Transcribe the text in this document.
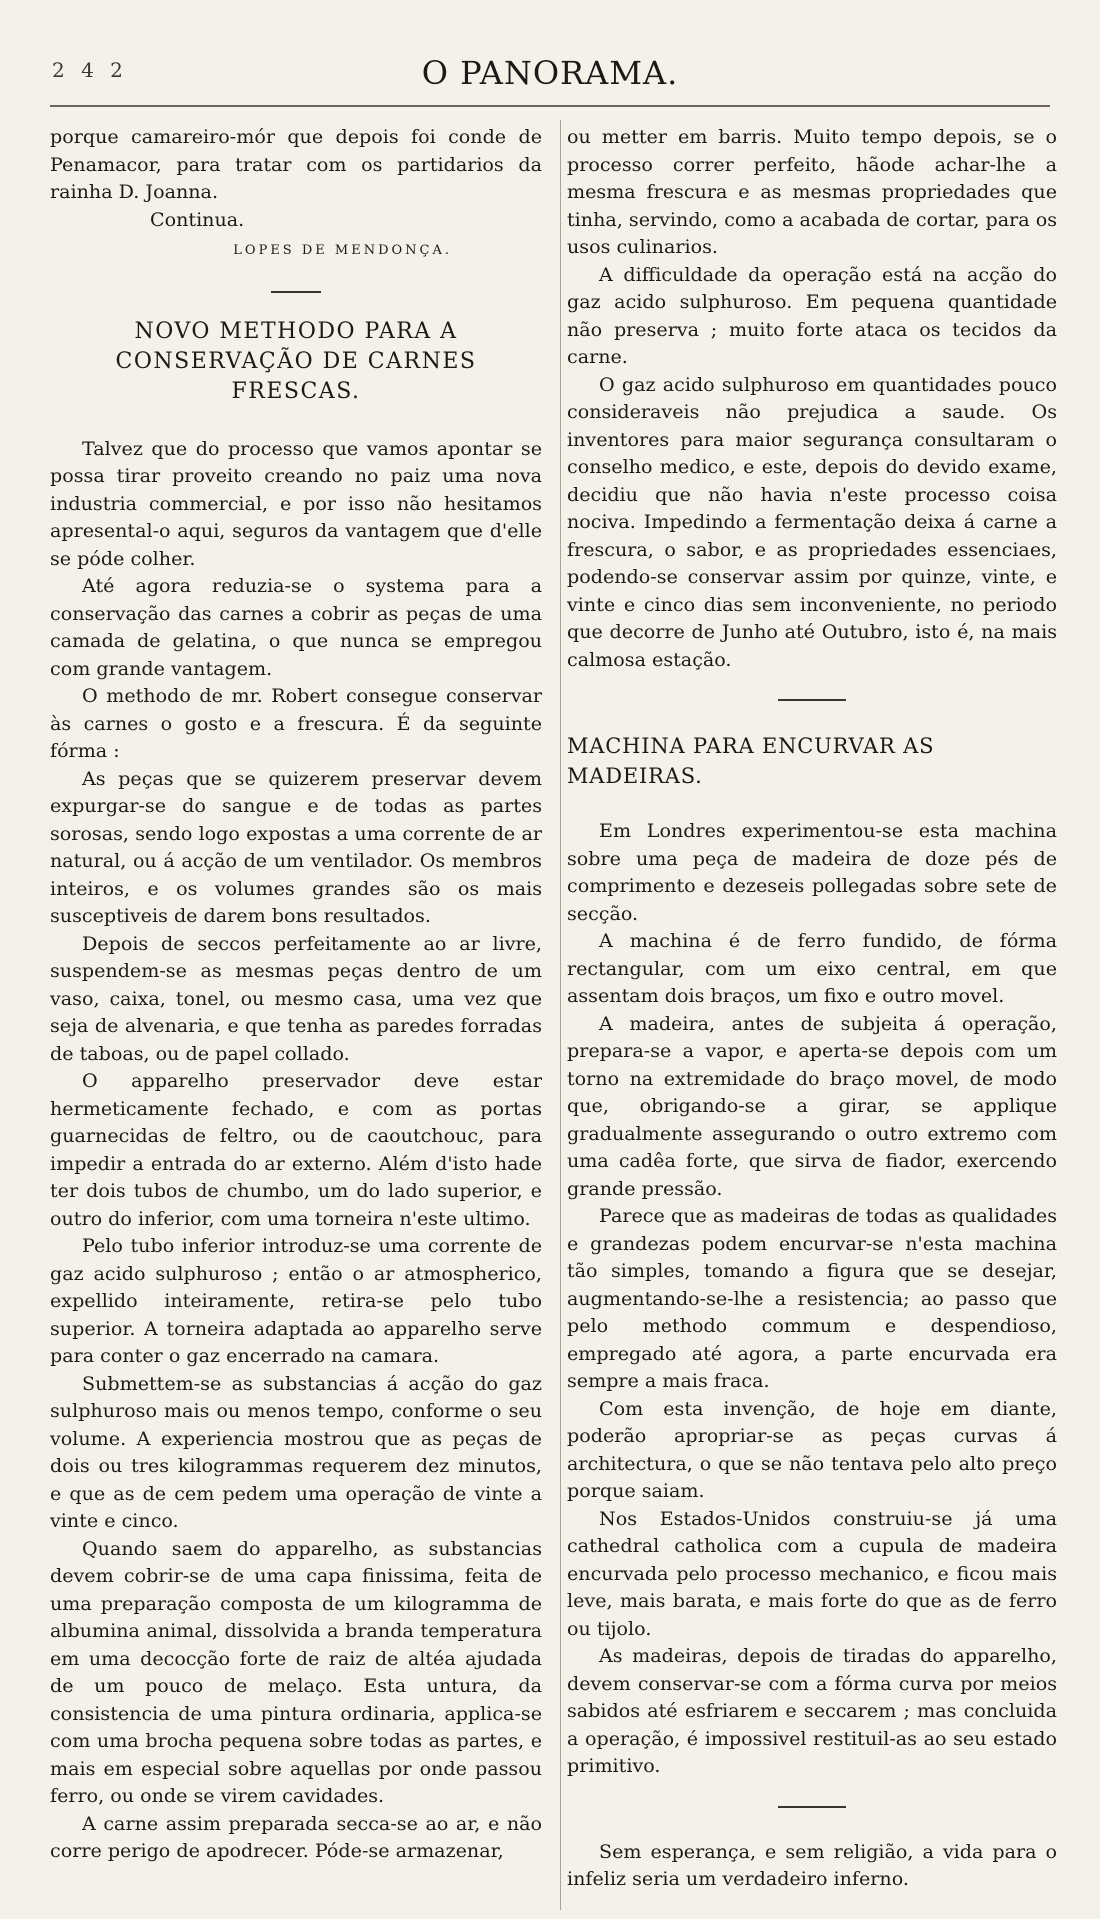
2 4 2	O PANORAMA.

porque camareiro-mór que depois foi conde de Penamacor, para tratar com os partidarios da rainha D. Joanna.

Continua.

LOPES DE MENDONÇA.

NOVO METHODO PARA A CONSERVAÇÃO DE CARNES FRESCAS.

Talvez que do processo que vamos apontar se possa tirar proveito creando no paiz uma nova industria commercial, e por isso não hesitamos apresental-o aqui, seguros da vantagem que d'elle se póde colher.

Até agora reduzia-se o systema para a conservação das carnes a cobrir as peças de uma camada de gelatina, o que nunca se empregou com grande vantagem.

O methodo de mr. Robert consegue conservar às carnes o gosto e a frescura. É da seguinte fórma :

As peças que se quizerem preservar devem expurgar-se do sangue e de todas as partes sorosas, sendo logo expostas a uma corrente de ar natural, ou á acção de um ventilador. Os membros inteiros, e os volumes grandes são os mais susceptiveis de darem bons resultados.

Depois de seccos perfeitamente ao ar livre, suspendem-se as mesmas peças dentro de um vaso, caixa, tonel, ou mesmo casa, uma vez que seja de alvenaria, e que tenha as paredes forradas de taboas, ou de papel collado.

O apparelho preservador deve estar hermeticamente fechado, e com as portas guarnecidas de feltro, ou de caoutchouc, para impedir a entrada do ar externo. Além d'isto hade ter dois tubos de chumbo, um do lado superior, e outro do inferior, com uma torneira n'este ultimo.

Pelo tubo inferior introduz-se uma corrente de gaz acido sulphuroso ; então o ar atmospherico, expellido inteiramente, retira-se pelo tubo superior. A torneira adaptada ao apparelho serve para conter o gaz encerrado na camara.

Submettem-se as substancias á acção do gaz sulphuroso mais ou menos tempo, conforme o seu volume. A experiencia mostrou que as peças de dois ou tres kilogrammas requerem dez minutos, e que as de cem pedem uma operação de vinte a vinte e cinco.

Quando saem do apparelho, as substancias devem cobrir-se de uma capa finissima, feita de uma preparação composta de um kilogramma de albumina animal, dissolvida a branda temperatura em uma decocção forte de raiz de altéa ajudada de um pouco de melaço. Esta untura, da consistencia de uma pintura ordinaria, applica-se com uma brocha pequena sobre todas as partes, e mais em especial sobre aquellas por onde passou ferro, ou onde se virem cavidades.

A carne assim preparada secca-se ao ar, e não corre perigo de apodrecer. Póde-se armazenar,

ou metter em barris. Muito tempo depois, se o processo correr perfeito, hãode achar-lhe a mesma frescura e as mesmas propriedades que tinha, servindo, como a acabada de cortar, para os usos culinarios.

A difficuldade da operação está na acção do gaz acido sulphuroso. Em pequena quantidade não preserva ; muito forte ataca os tecidos da carne.

O gaz acido sulphuroso em quantidades pouco consideraveis não prejudica a saude. Os inventores para maior segurança consultaram o conselho medico, e este, depois do devido exame, decidiu que não havia n'este processo coisa nociva. Impedindo a fermentação deixa á carne a frescura, o sabor, e as propriedades essenciaes, podendo-se conservar assim por quinze, vinte, e vinte e cinco dias sem inconveniente, no periodo que decorre de Junho até Outubro, isto é, na mais calmosa estação.

MACHINA PARA ENCURVAR AS MADEIRAS.

Em Londres experimentou-se esta machina sobre uma peça de madeira de doze pés de comprimento e dezeseis pollegadas sobre sete de secção.

A machina é de ferro fundido, de fórma rectangular, com um eixo central, em que assentam dois braços, um fixo e outro movel.

A madeira, antes de subjeita á operação, prepara-se a vapor, e aperta-se depois com um torno na extremidade do braço movel, de modo que, obrigando-se a girar, se applique gradualmente assegurando o outro extremo com uma cadêa forte, que sirva de fiador, exercendo grande pressão.

Parece que as madeiras de todas as qualidades e grandezas podem encurvar-se n'esta machina tão simples, tomando a figura que se desejar, augmentando-se-lhe a resistencia; ao passo que pelo methodo commum e despendioso, empregado até agora, a parte encurvada era sempre a mais fraca.

Com esta invenção, de hoje em diante, poderão apropriar-se as peças curvas á architectura, o que se não tentava pelo alto preço porque saiam.

Nos Estados-Unidos construiu-se já uma cathedral catholica com a cupula de madeira encurvada pelo processo mechanico, e ficou mais leve, mais barata, e mais forte do que as de ferro ou tijolo.

As madeiras, depois de tiradas do apparelho, devem conservar-se com a fórma curva por meios sabidos até esfriarem e seccarem ; mas concluida a operação, é impossivel restituil-as ao seu estado primitivo.

Sem esperança, e sem religião, a vida para o infeliz seria um verdadeiro inferno.
